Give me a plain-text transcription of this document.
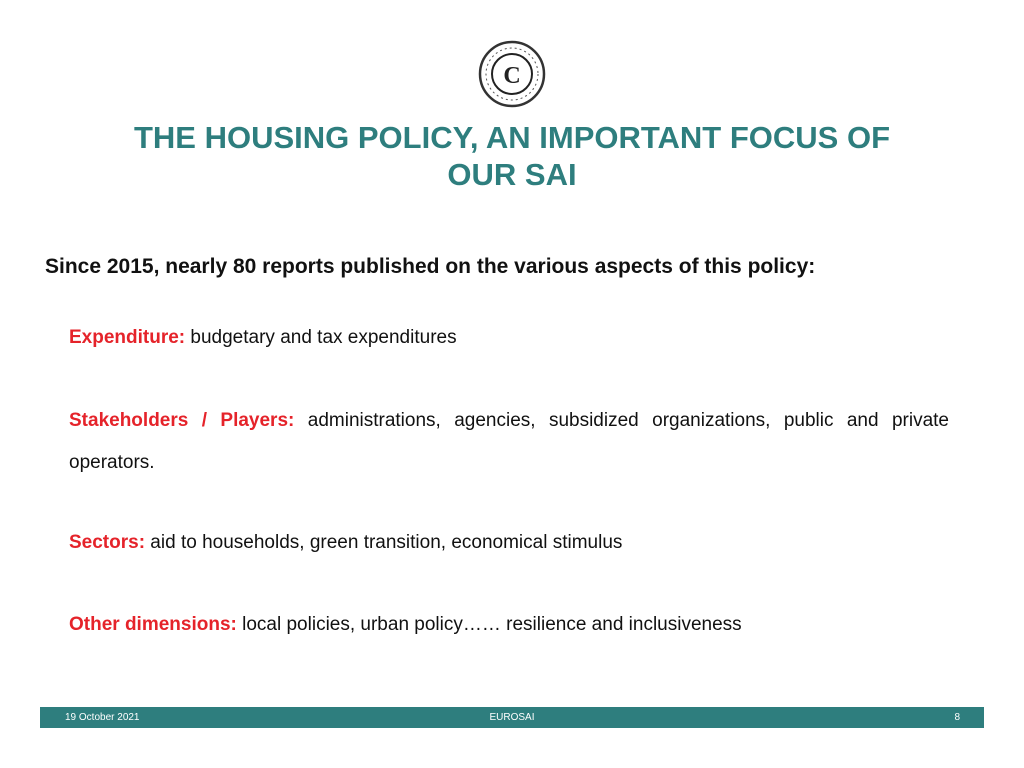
C
THE HOUSING POLICY, AN IMPORTANT FOCUS OF
OUR SAI
Since 2015, nearly 80 reports published on the various aspects of this policy:
Expenditure: budgetary and tax expenditures
Stakeholders / Players: administrations, agencies, subsidized organizations, public and private operators.
Sectors: aid to households, green transition, economical stimulus
Other dimensions: local policies, urban policy…… resilience and inclusiveness
19 October 2021	EUROSAI	8
